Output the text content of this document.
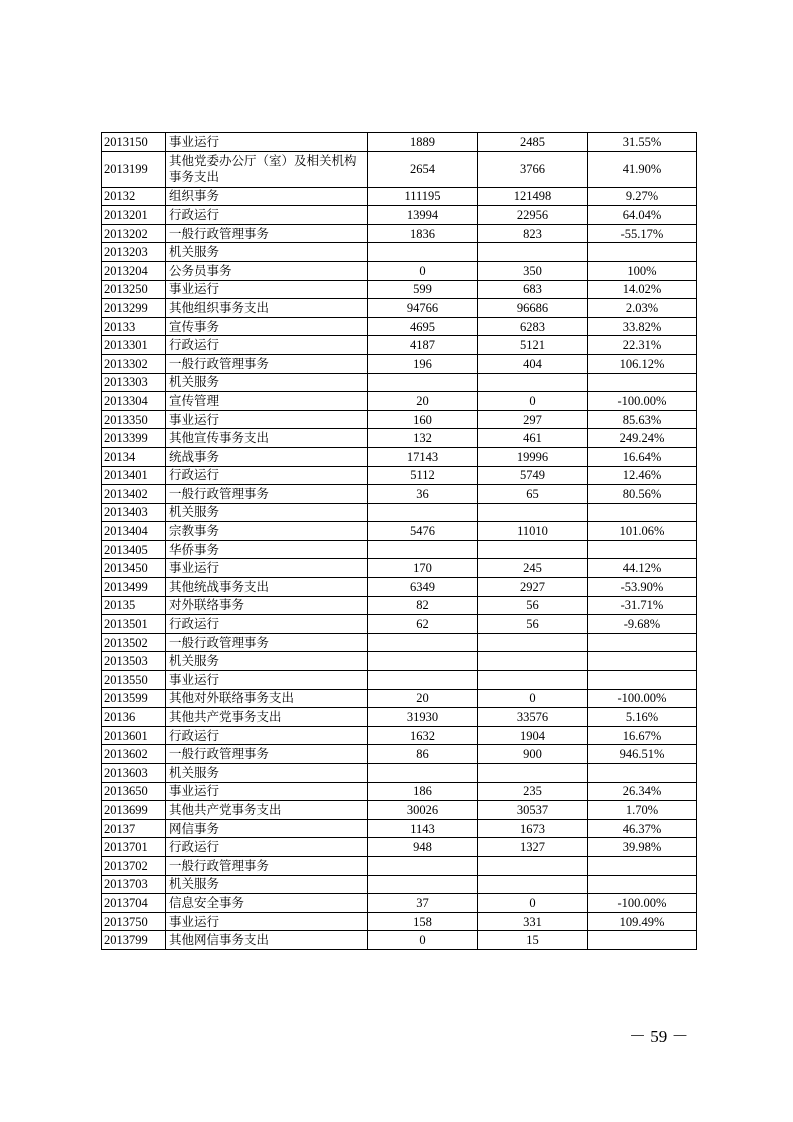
2013150	事业运行	1889	2485	31.55%
2013199	其他党委办公厅（室）及相关机构事务支出	2654	3766	41.90%
20132	组织事务	111195	121498	9.27%
2013201	行政运行	13994	22956	64.04%
2013202	一般行政管理事务	1836	823	-55.17%
2013203	机关服务			
2013204	公务员事务	0	350	100%
2013250	事业运行	599	683	14.02%
2013299	其他组织事务支出	94766	96686	2.03%
20133	宣传事务	4695	6283	33.82%
2013301	行政运行	4187	5121	22.31%
2013302	一般行政管理事务	196	404	106.12%
2013303	机关服务			
2013304	宣传管理	20	0	-100.00%
2013350	事业运行	160	297	85.63%
2013399	其他宣传事务支出	132	461	249.24%
20134	统战事务	17143	19996	16.64%
2013401	行政运行	5112	5749	12.46%
2013402	一般行政管理事务	36	65	80.56%
2013403	机关服务			
2013404	宗教事务	5476	11010	101.06%
2013405	华侨事务			
2013450	事业运行	170	245	44.12%
2013499	其他统战事务支出	6349	2927	-53.90%
20135	对外联络事务	82	56	-31.71%
2013501	行政运行	62	56	-9.68%
2013502	一般行政管理事务			
2013503	机关服务			
2013550	事业运行			
2013599	其他对外联络事务支出	20	0	-100.00%
20136	其他共产党事务支出	31930	33576	5.16%
2013601	行政运行	1632	1904	16.67%
2013602	一般行政管理事务	86	900	946.51%
2013603	机关服务			
2013650	事业运行	186	235	26.34%
2013699	其他共产党事务支出	30026	30537	1.70%
20137	网信事务	1143	1673	46.37%
2013701	行政运行	948	1327	39.98%
2013702	一般行政管理事务			
2013703	机关服务			
2013704	信息安全事务	37	0	-100.00%
2013750	事业运行	158	331	109.49%
2013799	其他网信事务支出	0	15	
－ 59 －
